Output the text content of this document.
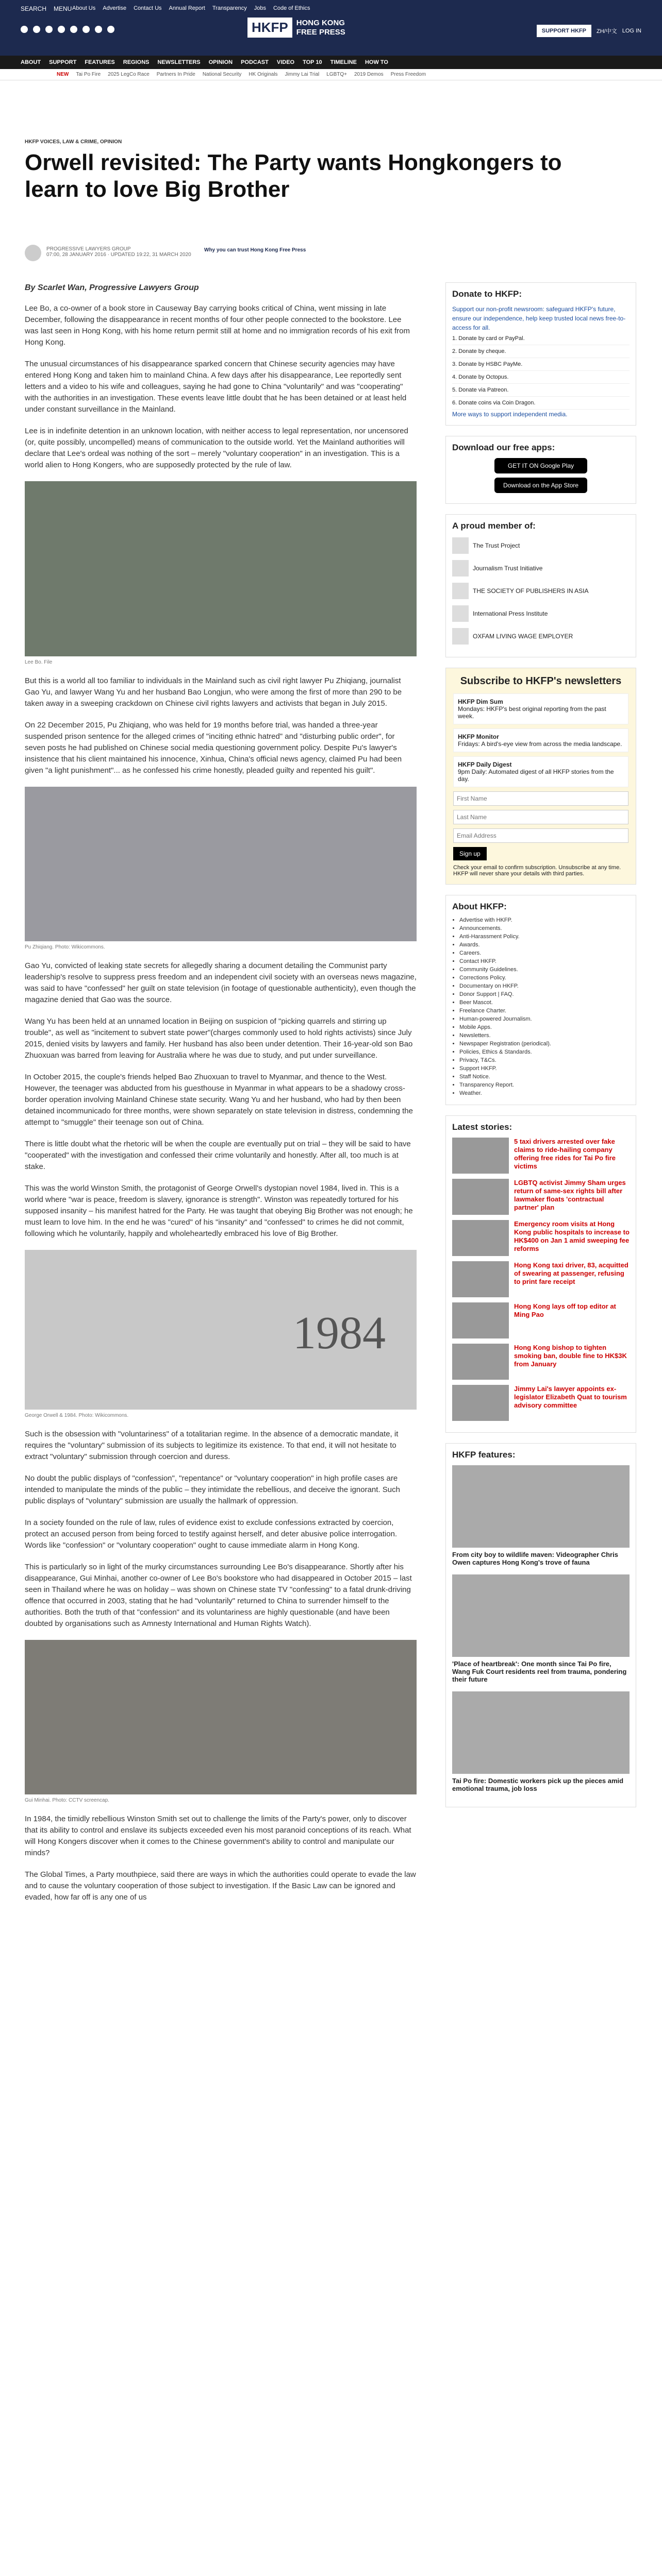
SEARCH MENU About Us Advertise Contact Us Annual Report Transparency Jobs Code of Ethics
HKFP	HONG KONG
FREE PRESS	SUPPORT HKFP	ZH/中文 LOG IN
ABOUT SUPPORT FEATURES REGIONS NEWSLETTERS OPINION PODCAST VIDEO TOP 10 TIMELINE HOW TO
NEW Tai Po Fire 2025 LegCo Race Partners In Pride National Security HK Originals Jimmy Lai Trial LGBTQ+ 2019 Demos Press Freedom
HKFP VOICES, LAW & CRIME, OPINION
Orwell revisited: The Party wants Hongkongers to learn to love Big Brother
PROGRESSIVE LAWYERS GROUP
07:00, 28 JANUARY 2016 · UPDATED 19:22, 31 MARCH 2020
Why you can trust Hong Kong Free Press

By Scarlet Wan, Progressive Lawyers Group

Lee Bo, a co-owner of a book store in Causeway Bay carrying books critical of China, went missing in late December, following the disappearance in recent months of four other people connected to the bookstore. Lee was last seen in Hong Kong, with his home return permit still at home and no immigration records of his exit from Hong Kong.

The unusual circumstances of his disappearance sparked concern that Chinese security agencies may have entered Hong Kong and taken him to mainland China. A few days after his disappearance, Lee reportedly sent letters and a video to his wife and colleagues, saying he had gone to China "voluntarily" and was "cooperating" with the authorities in an investigation. These events leave little doubt that he has been detained or at least held under constant surveillance in the Mainland.

Lee is in indefinite detention in an unknown location, with neither access to legal representation, nor uncensored (or, quite possibly, uncompelled) means of communication to the outside world. Yet the Mainland authorities will declare that Lee's ordeal was nothing of the sort – merely "voluntary cooperation" in an investigation. This is a world alien to Hong Kongers, who are supposedly protected by the rule of law.

Lee Bo. File

But this is a world all too familiar to individuals in the Mainland such as civil right lawyer Pu Zhiqiang, journalist Gao Yu, and lawyer Wang Yu and her husband Bao Longjun, who were among the first of more than 290 to be taken away in a sweeping crackdown on Chinese civil rights lawyers and activists that began in July 2015.

On 22 December 2015, Pu Zhiqiang, who was held for 19 months before trial, was handed a three-year suspended prison sentence for the alleged crimes of "inciting ethnic hatred" and "disturbing public order", for seven posts he had published on Chinese social media questioning government policy. Despite Pu's lawyer's insistence that his client maintained his innocence, Xinhua, China's official news agency, claimed Pu had been given "a light punishment"... as he confessed his crime honestly, pleaded guilty and repented his guilt".

Pu Zhiqiang. Photo: Wikicommons.

Gao Yu, convicted of leaking state secrets for allegedly sharing a document detailing the Communist party leadership's resolve to suppress press freedom and an independent civil society with an overseas news magazine, was said to have "confessed" her guilt on state television (in footage of questionable authenticity), even though the magazine denied that Gao was the source.

Wang Yu has been held at an unnamed location in Beijing on suspicion of "picking quarrels and stirring up trouble", as well as "incitement to subvert state power"(charges commonly used to hold rights activists) since July 2015, denied visits by lawyers and family. Her husband has also been under detention. Their 16-year-old son Bao Zhuoxuan was barred from leaving for Australia where he was due to study, and put under surveillance.

In October 2015, the couple's friends helped Bao Zhuoxuan to travel to Myanmar, and thence to the West. However, the teenager was abducted from his guesthouse in Myanmar in what appears to be a shadowy cross-border operation involving Mainland Chinese state security. Wang Yu and her husband, who had by then been detained incommunicado for three months, were shown separately on state television in distress, condemning the attempt to "smuggle" their teenage son out of China.

There is little doubt what the rhetoric will be when the couple are eventually put on trial – they will be said to have "cooperated" with the investigation and confessed their crime voluntarily and honestly. After all, too much is at stake.

This was the world Winston Smith, the protagonist of George Orwell's dystopian novel 1984, lived in. This is a world where "war is peace, freedom is slavery, ignorance is strength". Winston was repeatedly tortured for his supposed insanity – his manifest hatred for the Party. He was taught that obeying Big Brother was not enough; he must learn to love him. In the end he was "cured" of his "insanity" and "confessed" to crimes he did not commit, following which he voluntarily, happily and wholeheartedly embraced his love of Big Brother.

1984
George Orwell & 1984. Photo: Wikicommons.

Such is the obsession with "voluntariness" of a totalitarian regime. In the absence of a democratic mandate, it requires the "voluntary" submission of its subjects to legitimize its existence. To that end, it will not hesitate to extract "voluntary" submission through coercion and duress.

No doubt the public displays of "confession", "repentance" or "voluntary cooperation" in high profile cases are intended to manipulate the minds of the public – they intimidate the rebellious, and deceive the ignorant. Such public displays of "voluntary" submission are usually the hallmark of oppression.

In a society founded on the rule of law, rules of evidence exist to exclude confessions extracted by coercion, protect an accused person from being forced to testify against herself, and deter abusive police interrogation. Words like "confession" or "voluntary cooperation" ought to cause immediate alarm in Hong Kong.

This is particularly so in light of the murky circumstances surrounding Lee Bo's disappearance. Shortly after his disappearance, Gui Minhai, another co-owner of Lee Bo's bookstore who had disappeared in October 2015 – last seen in Thailand where he was on holiday – was shown on Chinese state TV "confessing" to a fatal drunk-driving offence that occurred in 2003, stating that he had "voluntarily" returned to China to surrender himself to the authorities. Both the truth of that "confession" and its voluntariness are highly questionable (and have been doubted by organisations such as Amnesty International and Human Rights Watch).

Gui Minhai. Photo: CCTV screencap.

In 1984, the timidly rebellious Winston Smith set out to challenge the limits of the Party's power, only to discover that its ability to control and enslave its subjects exceeded even his most paranoid conceptions of its reach. What will Hong Kongers discover when it comes to the Chinese government's ability to control and manipulate our minds?

The Global Times, a Party mouthpiece, said there are ways in which the authorities could operate to evade the law and to cause the voluntary cooperation of those subject to investigation. If the Basic Law can be ignored and evaded, how far off is any one of us

Donate to HKFP:

Support our non-profit newsroom: safeguard HKFP's future, ensure our independence, help keep trusted local news free-to-access for all.

1. Donate by card or PayPal.
2. Donate by cheque.
3. Donate by HSBC PayMe.
4. Donate by Octopus.
5. Donate via Patreon.
6. Donate coins via Coin Dragon.

More ways to support independent media.

Download our free apps:
GET IT ON Google Play
Download on the App Store
A proud member of:
The Trust Project
Journalism Trust Initiative
THE SOCIETY OF PUBLISHERS IN ASIA
International Press Institute
OXFAM LIVING WAGE EMPLOYER
Subscribe to HKFP's newsletters
HKFP Dim Sum
Mondays: HKFP's best original reporting from the past week.
HKFP Monitor
Fridays: A bird's-eye view from across the media landscape.
HKFP Daily Digest
9pm Daily: Automated digest of all HKFP stories from the day.
First Name Last Name Email Address Sign up

Check your email to confirm subscription. Unsubscribe at any time. HKFP will never share your details with third parties.

About HKFP:
• Advertise with HKFP.
• Announcements.
• Anti-Harassment Policy.
• Awards.
• Careers.
• Contact HKFP.
• Community Guidelines.
• Corrections Policy.
• Documentary on HKFP.
• Donor Support | FAQ.
• Beer Mascot.
• Freelance Charter.
• Human-powered Journalism.
• Mobile Apps.
• Newsletters.
• Newspaper Registration (periodical).
• Policies, Ethics & Standards.
• Privacy, T&Cs.
• Support HKFP.
• Staff Notice.
• Transparency Report.
• Weather.
Latest stories:
5 taxi drivers arrested over fake claims to ride-hailing company offering free rides for Tai Po fire victims
LGBTQ activist Jimmy Sham urges return of same-sex rights bill after lawmaker floats 'contractual partner' plan
Emergency room visits at Hong Kong public hospitals to increase to HK$400 on Jan 1 amid sweeping fee reforms
Hong Kong taxi driver, 83, acquitted of swearing at passenger, refusing to print fare receipt
Hong Kong lays off top editor at Ming Pao
Hong Kong bishop to tighten smoking ban, double fine to HK$3K from January
Jimmy Lai's lawyer appoints ex-legislator Elizabeth Quat to tourism advisory committee
HKFP features:
From city boy to wildlife maven: Videographer Chris Owen captures Hong Kong's trove of fauna
'Place of heartbreak': One month since Tai Po fire, Wang Fuk Court residents reel from trauma, pondering their future
Tai Po fire: Domestic workers pick up the pieces amid emotional trauma, job loss
